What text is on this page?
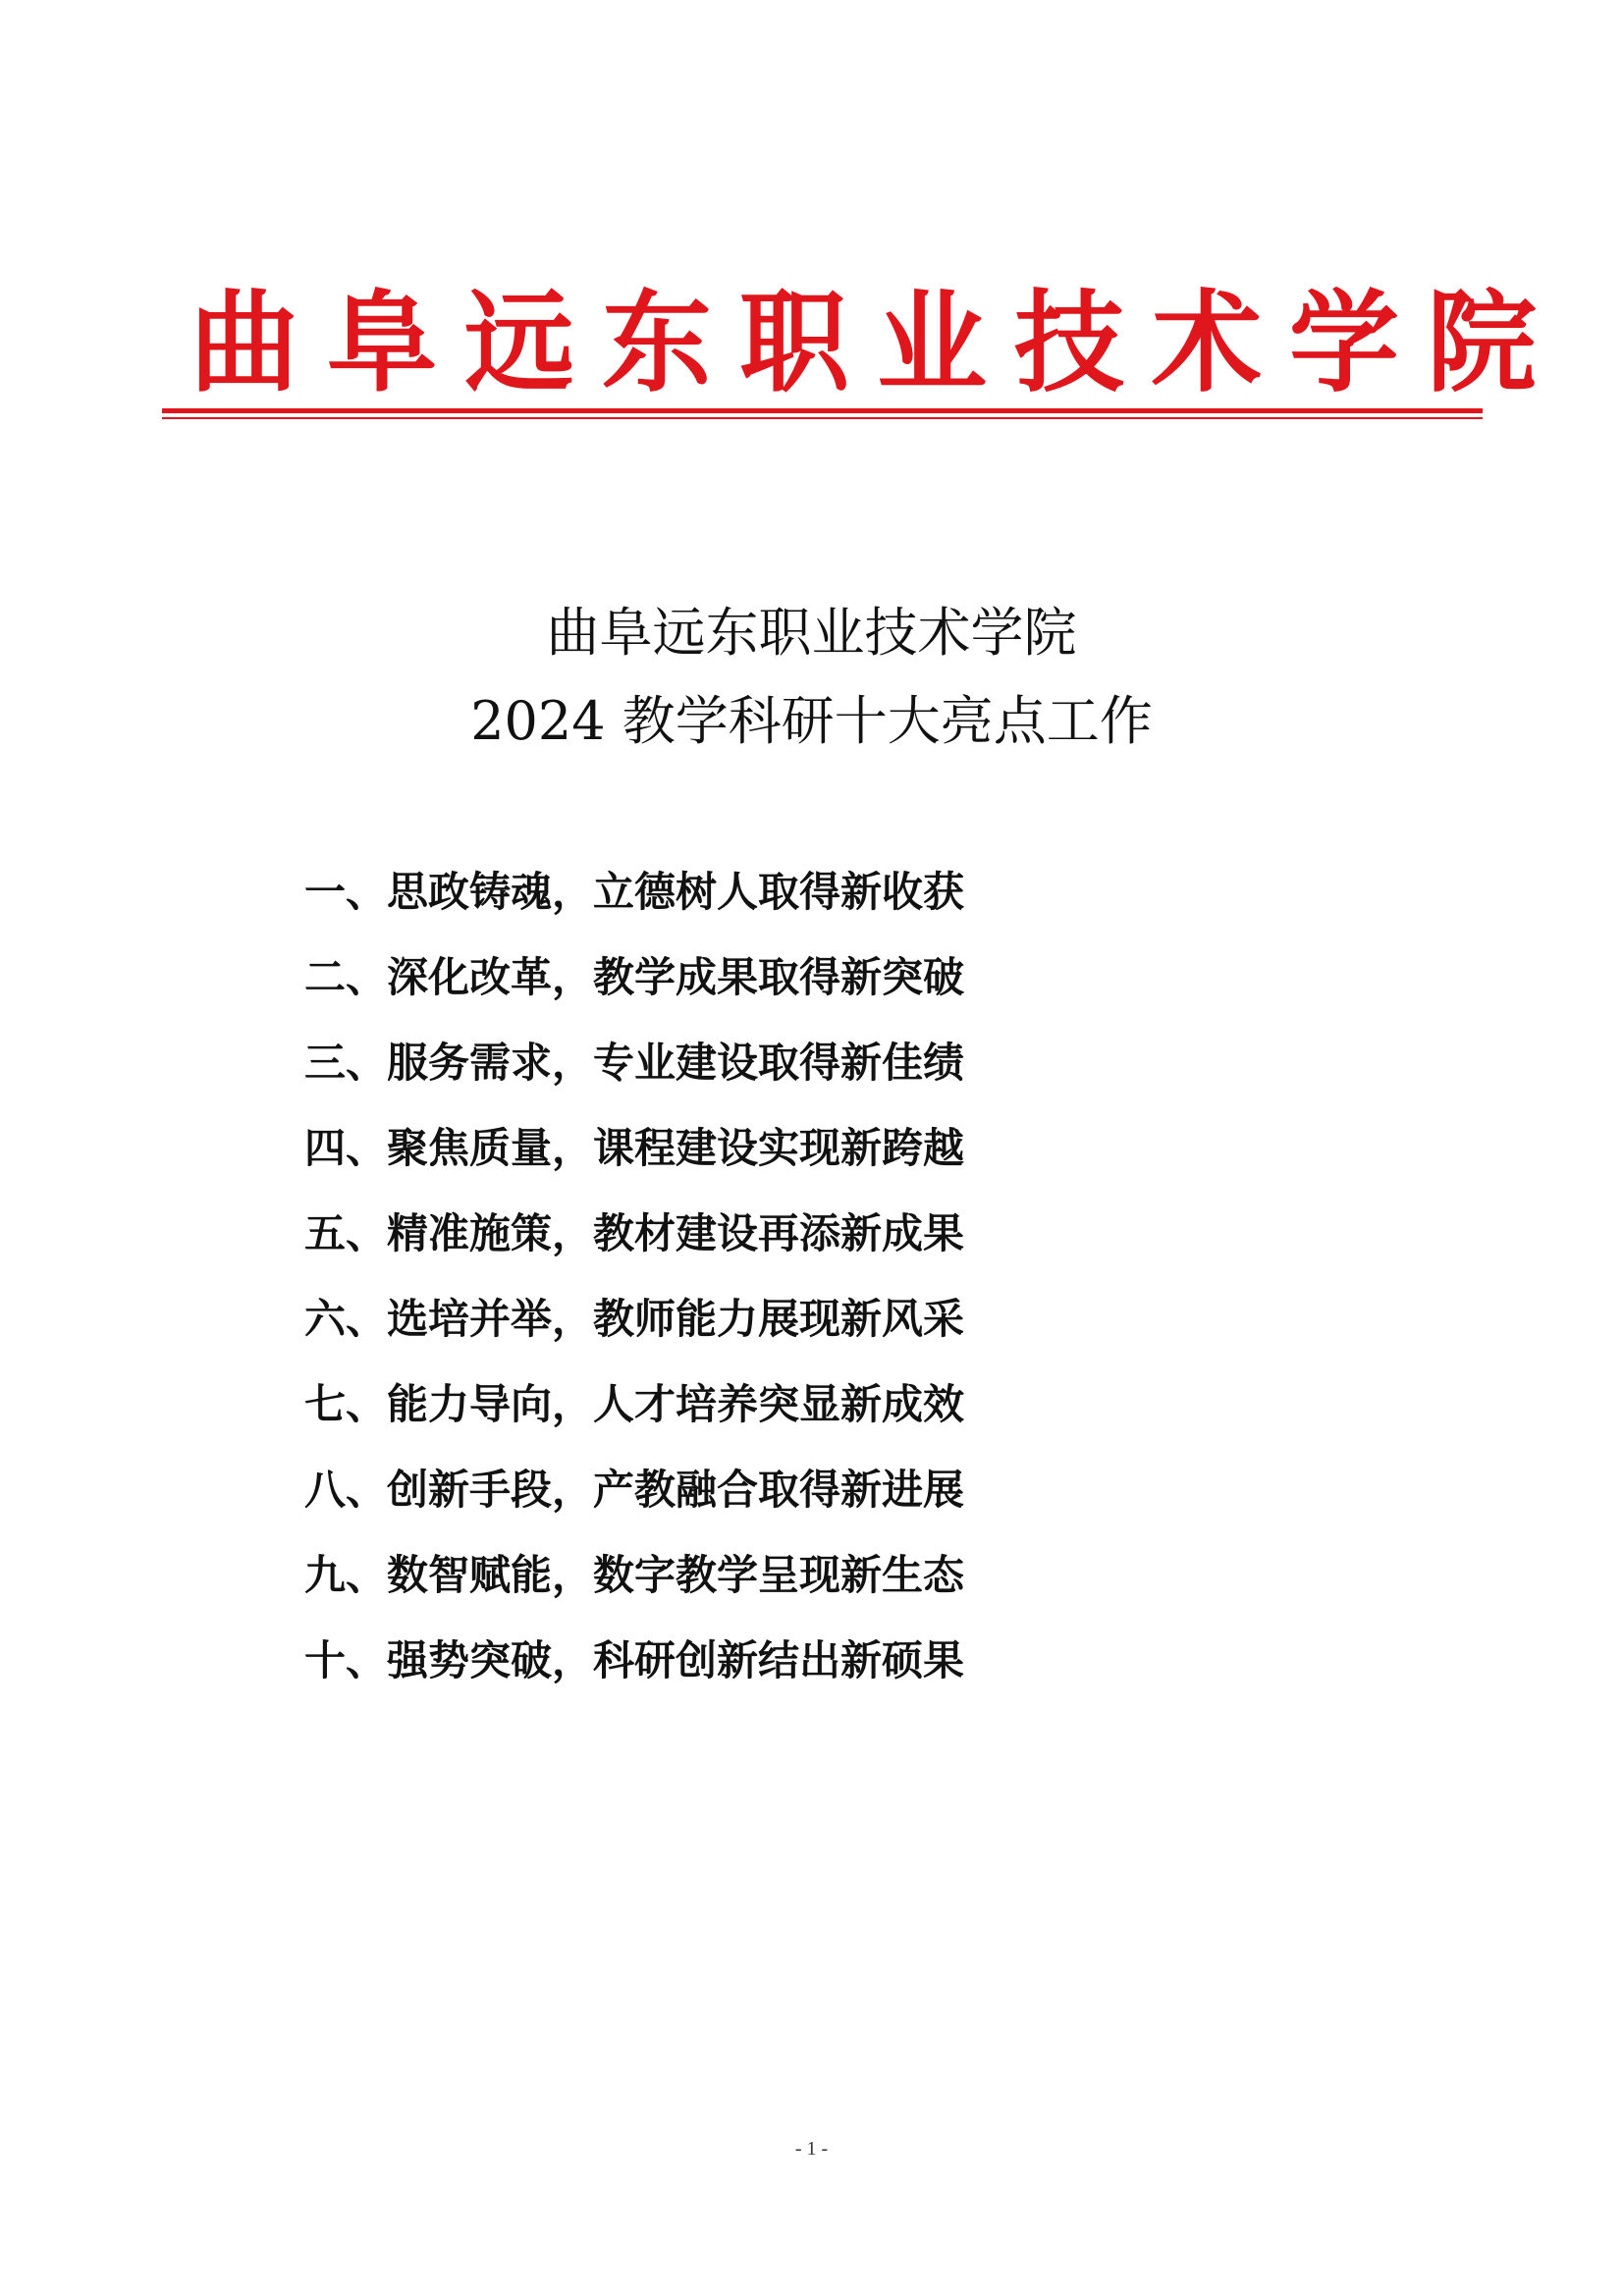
曲阜远东职业技术学院
曲阜远东职业技术学院
2024 教学科研十大亮点工作
一、思政铸魂，立德树人取得新收获
二、深化改革，教学成果取得新突破
三、服务需求，专业建设取得新佳绩
四、聚焦质量，课程建设实现新跨越
五、精准施策，教材建设再添新成果
六、选培并举，教师能力展现新风采
七、能力导向，人才培养突显新成效
八、创新手段，产教融合取得新进展
九、数智赋能，数字教学呈现新生态
十、强势突破，科研创新结出新硕果
- 1 -
